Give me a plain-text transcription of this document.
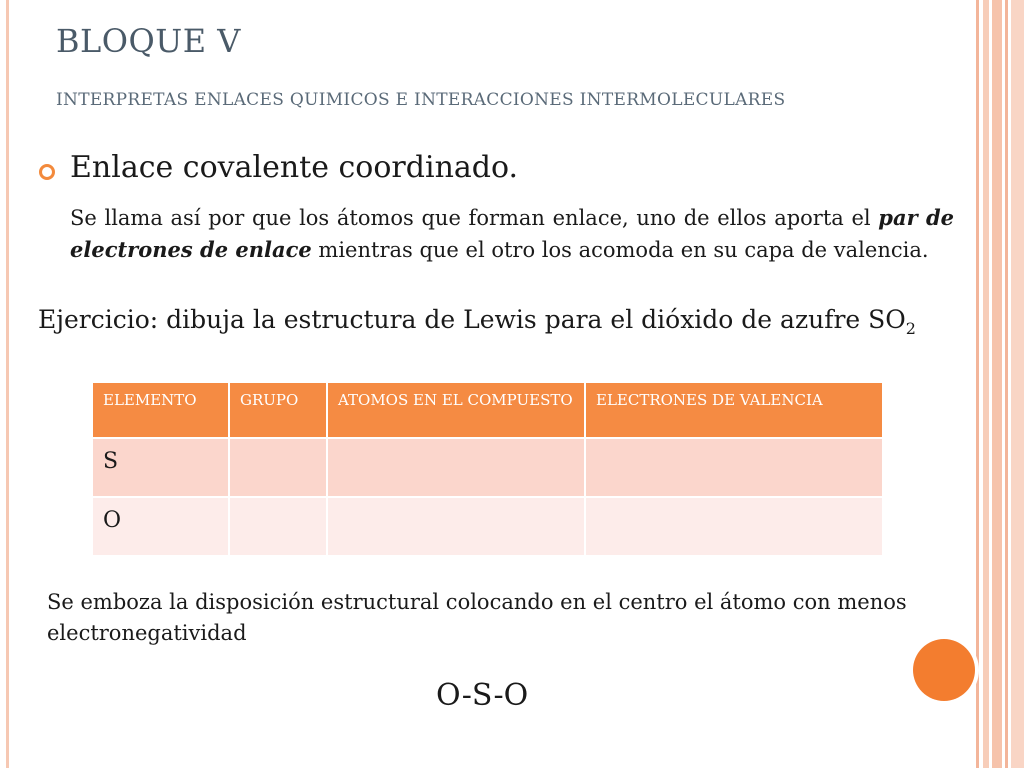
BLOQUE V
INTERPRETAS ENLACES QUIMICOS E INTERACCIONES INTERMOLECULARES
Enlace covalente coordinado.
Se llama así por que los átomos que forman enlace, uno de ellos aporta el par de electrones de enlace mientras que el otro los acomoda en su capa de valencia.
Ejercicio: dibuja la estructura de Lewis para el dióxido de azufre $SO_2$
ELEMENTO	GRUPO	ATOMOS EN EL COMPUESTO	ELECTRONES DE VALENCIA
S			
O			
Se emboza la disposición estructural colocando en el centro el átomo con menos electronegatividad
O-S-O
